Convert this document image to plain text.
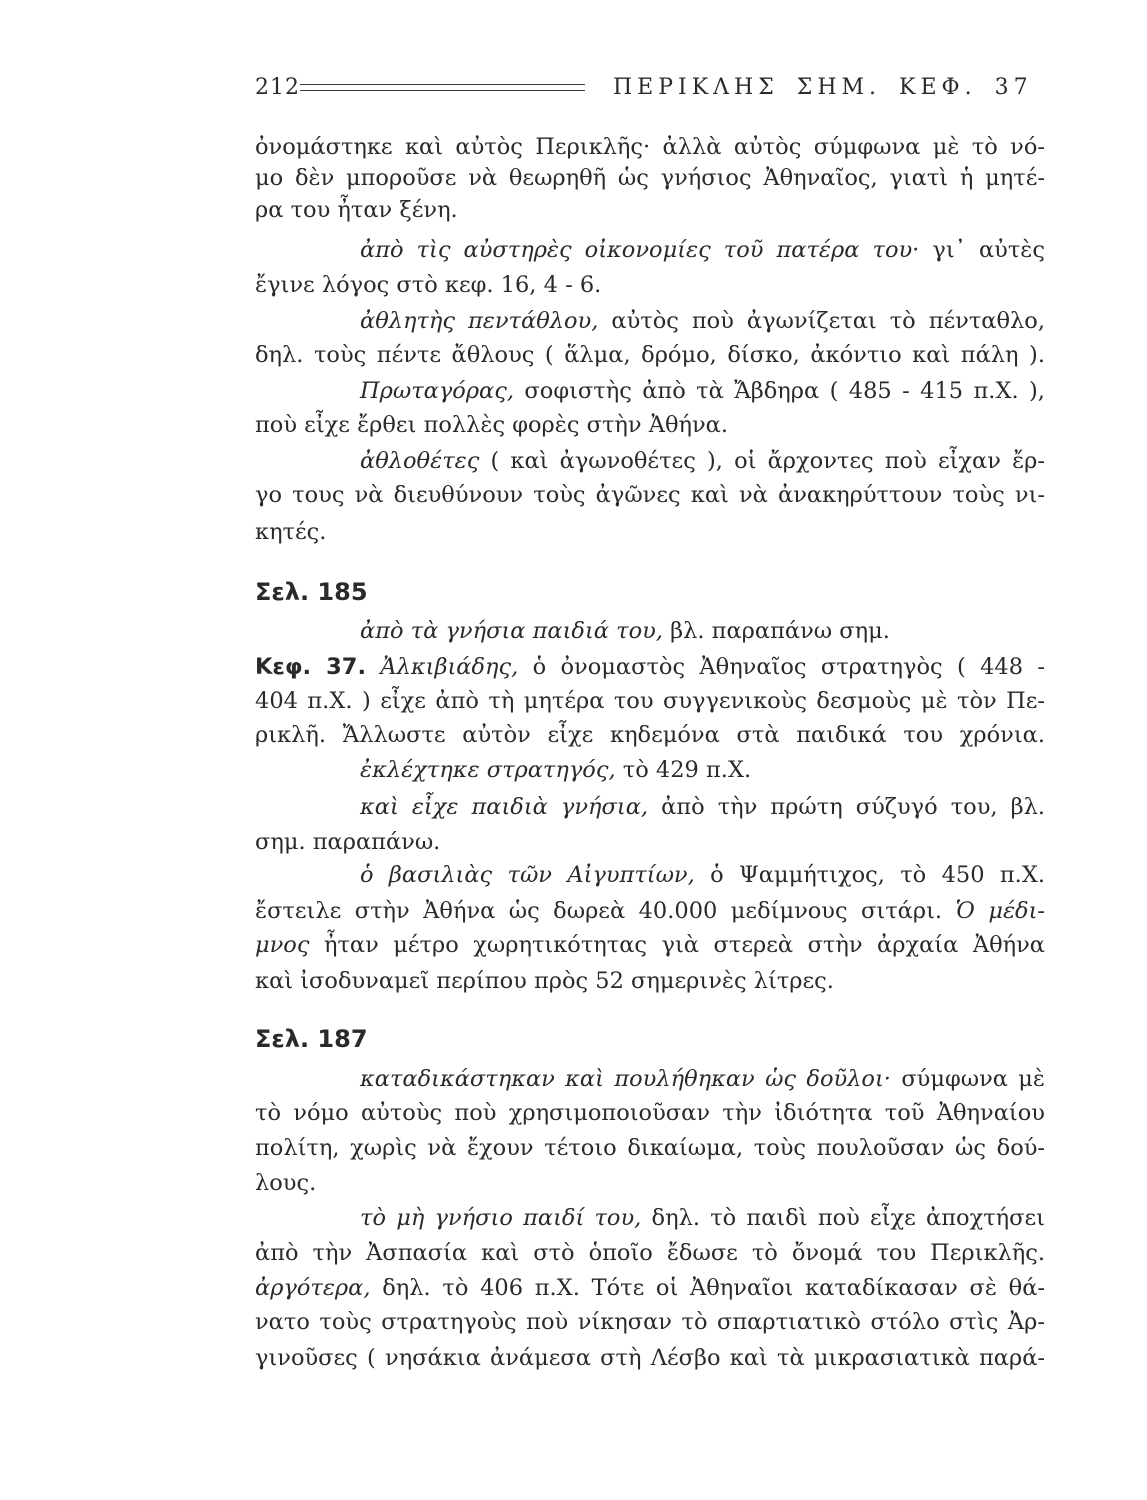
212	ΠΕΡΙΚΛΗΣ ΣΗΜ. ΚΕΦ. 37
Σελ. 185
Σελ. 187
ὀνομάστηκε καὶ αὐτὸς Περικλῆς· ἀλλὰ αὐτὸς σύμφωνα μὲ τὸ νό-
μο δὲν μποροῦσε νὰ θεωρηθῆ ὡς γνήσιος Ἀθηναῖος, γιατὶ ἡ μητέ-
ρα του ἦταν ξένη.
ἀπὸ τὶς αὐστηρὲς οἰκονομίες τοῦ πατέρα του· γι᾿ αὐτὲς
ἔγινε λόγος στὸ κεφ. 16, 4 - 6.
ἀθλητὴς πεντάθλου, αὐτὸς ποὺ ἀγωνίζεται τὸ πένταθλο,
δηλ. τοὺς πέντε ἄθλους ( ἅλμα, δρόμο, δίσκο, ἀκόντιο καὶ πάλη ).
Πρωταγόρας, σοφιστὴς ἀπὸ τὰ Ἄβδηρα ( 485 - 415 π.Χ. ),
ποὺ εἶχε ἔρθει πολλὲς φορὲς στὴν Ἀθήνα.
ἀθλοθέτες ( καὶ ἀγωνοθέτες ), οἱ ἄρχοντες ποὺ εἶχαν ἔρ-
γο τους νὰ διευθύνουν τοὺς ἀγῶνες καὶ νὰ ἀνακηρύττουν τοὺς νι-
κητές.
ἀπὸ τὰ γνήσια παιδιά του, βλ. παραπάνω σημ.
Κεφ. 37. Ἀλκιβιάδης, ὁ ὀνομαστὸς Ἀθηναῖος στρατηγὸς ( 448 -
404 π.Χ. ) εἶχε ἀπὸ τὴ μητέρα του συγγενικοὺς δεσμοὺς μὲ τὸν Πε-
ρικλῆ. Ἄλλωστε αὐτὸν εἶχε κηδεμόνα στὰ παιδικά του χρόνια.
ἐκλέχτηκε στρατηγός, τὸ 429 π.Χ.
καὶ εἶχε παιδιὰ γνήσια, ἀπὸ τὴν πρώτη σύζυγό του, βλ.
σημ. παραπάνω.
ὁ βασιλιὰς τῶν Αἰγυπτίων, ὁ Ψαμμήτιχος, τὸ 450 π.Χ.
ἔστειλε στὴν Ἀθήνα ὡς δωρεὰ 40.000 μεδίμνους σιτάρι. Ὁ μέδι-
μνος ἦταν μέτρο χωρητικότητας γιὰ στερεὰ στὴν ἀρχαία Ἀθήνα
καὶ ἰσοδυναμεῖ περίπου πρὸς 52 σημερινὲς λίτρες.
καταδικάστηκαν καὶ πουλήθηκαν ὡς δοῦλοι· σύμφωνα μὲ
τὸ νόμο αὐτοὺς ποὺ χρησιμοποιοῦσαν τὴν ἰδιότητα τοῦ Ἀθηναίου
πολίτη, χωρὶς νὰ ἔχουν τέτοιο δικαίωμα, τοὺς πουλοῦσαν ὡς δού-
λους.
τὸ μὴ γνήσιο παιδί του, δηλ. τὸ παιδὶ ποὺ εἶχε ἀποχτήσει
ἀπὸ τὴν Ἀσπασία καὶ στὸ ὁποῖο ἔδωσε τὸ ὄνομά του Περικλῆς.
ἀργότερα, δηλ. τὸ 406 π.Χ. Τότε οἱ Ἀθηναῖοι καταδίκασαν σὲ θά-
νατο τοὺς στρατηγοὺς ποὺ νίκησαν τὸ σπαρτιατικὸ στόλο στὶς Ἀρ-
γινοῦσες ( νησάκια ἀνάμεσα στὴ Λέσβο καὶ τὰ μικρασιατικὰ παρά-
